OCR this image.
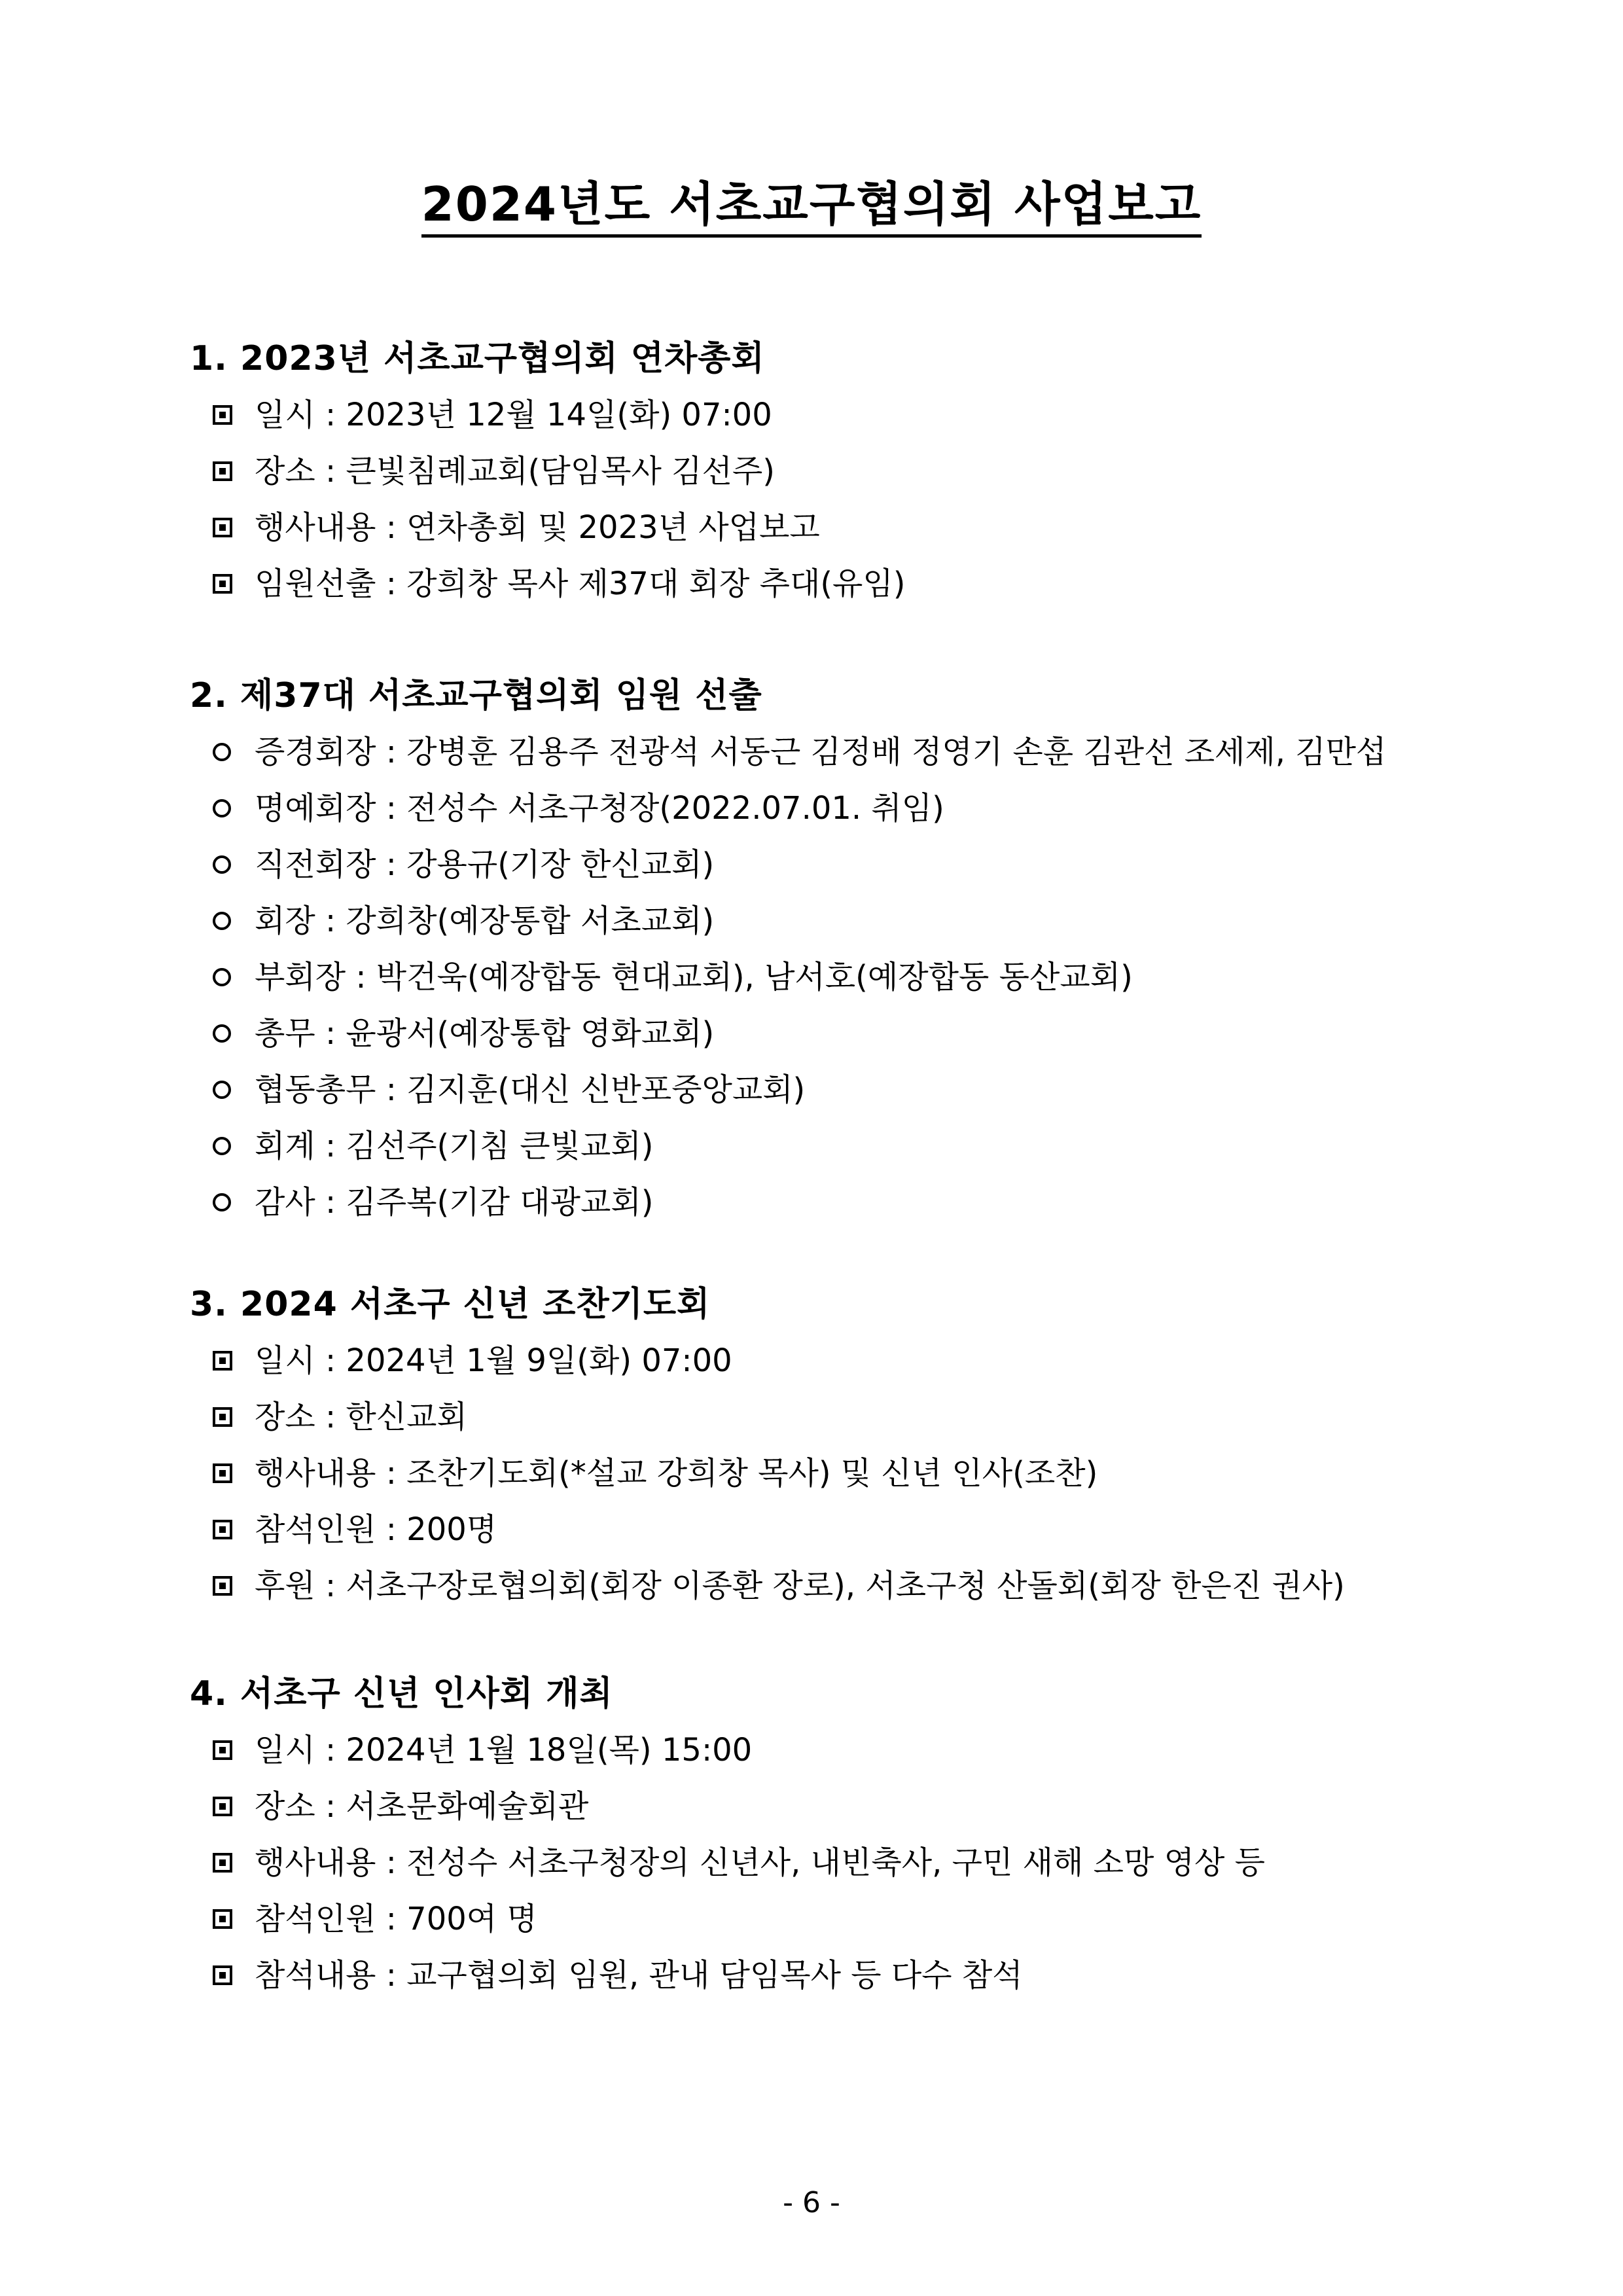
2024년도 서초교구협의회 사업보고
1. 2023년 서초교구협의회 연차총회
일시 : 2023년 12월 14일(화) 07:00
장소 : 큰빛침례교회(담임목사 김선주)
행사내용 : 연차총회 및 2023년 사업보고
임원선출 : 강희창 목사 제37대 회장 추대(유임)
2. 제37대 서초교구협의회 임원 선출
증경회장 : 강병훈 김용주 전광석 서동근 김정배 정영기 손훈 김관선 조세제, 김만섭
명예회장 : 전성수 서초구청장(2022.07.01. 취임)
직전회장 : 강용규(기장 한신교회)
회장 : 강희창(예장통합 서초교회)
부회장 : 박건욱(예장합동 현대교회), 남서호(예장합동 동산교회)
총무 : 윤광서(예장통합 영화교회)
협동총무 : 김지훈(대신 신반포중앙교회)
회계 : 김선주(기침 큰빛교회)
감사 : 김주복(기감 대광교회)
3. 2024 서초구 신년 조찬기도회
일시 : 2024년 1월 9일(화) 07:00
장소 : 한신교회
행사내용 : 조찬기도회(*설교 강희창 목사) 및 신년 인사(조찬)
참석인원 : 200명
후원 : 서초구장로협의회(회장 이종환 장로), 서초구청 산돌회(회장 한은진 권사)
4. 서초구 신년 인사회 개최
일시 : 2024년 1월 18일(목) 15:00
장소 : 서초문화예술회관
행사내용 : 전성수 서초구청장의 신년사, 내빈축사, 구민 새해 소망 영상 등
참석인원 : 700여 명
참석내용 : 교구협의회 임원, 관내 담임목사 등 다수 참석
- 6 -
